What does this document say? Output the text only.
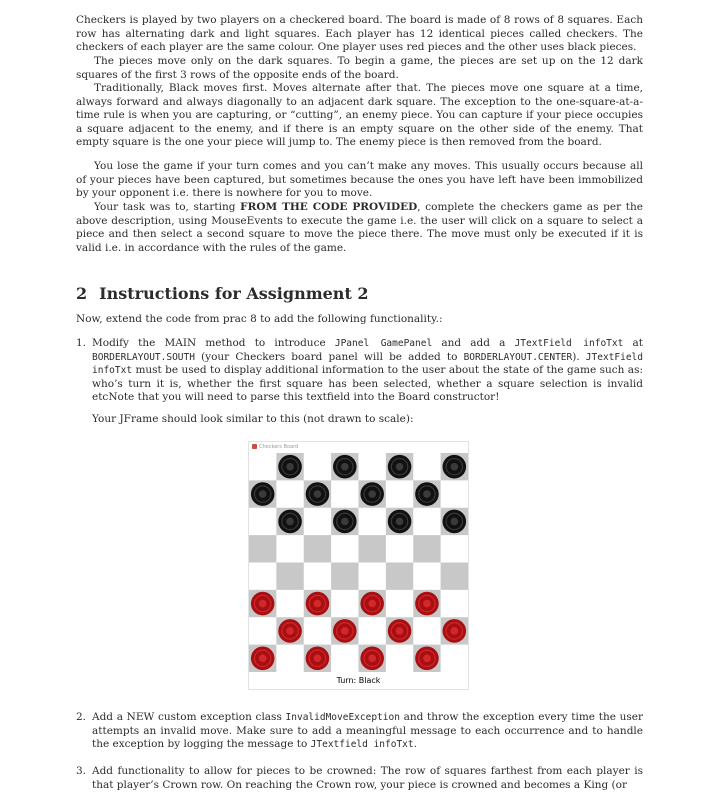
Checkers is played by two players on a checkered board. The board is made of 8 rows of 8 squares. Each row has alternating dark and light squares. Each player has 12 identical pieces called checkers. The checkers of each player are the same colour. One player uses red pieces and the other uses black pieces.

The pieces move only on the dark squares. To begin a game, the pieces are set up on the 12 dark squares of the first 3 rows of the opposite ends of the board.

Traditionally, Black moves first. Moves alternate after that. The pieces move one square at a time, always forward and always diagonally to an adjacent dark square. The exception to the one-square-at-a-time rule is when you are capturing, or “cutting”, an enemy piece. You can capture if your piece occupies a square adjacent to the enemy, and if there is an empty square on the other side of the enemy. That empty square is the one your piece will jump to. The enemy piece is then removed from the board.

You lose the game if your turn comes and you can’t make any moves. This usually occurs because all of your pieces have been captured, but sometimes because the ones you have left have been immobilized by your opponent i.e. there is nowhere for you to move.

Your task was to, starting FROM THE CODE PROVIDED, complete the checkers game as per the above description, using MouseEvents to execute the game i.e. the user will click on a square to select a piece and then select a second square to move the piece there. The move must only be executed if it is valid i.e. in accordance with the rules of the game.

2 Instructions for Assignment 2

Now, extend the code from prac 8 to add the following functionality.:

1. Modify the MAIN method to introduce JPanel GamePanel and add a JTextField infoTxt at BORDERLAYOUT.SOUTH (your Checkers board panel will be added to BORDERLAYOUT.CENTER). JTextField infoTxt must be used to display additional information to the user about the state of the game such as: who’s turn it is, whether the first square has been selected, whether a square selection is invalid etcNote that you will need to parse this textfield into the Board constructor!

Your JFrame should look similar to this (not drawn to scale):

Checkers Board
Turn: Black
2. Add a NEW custom exception class InvalidMoveException and throw the exception every time the user attempts an invalid move. Make sure to add a meaningful message to each occurrence and to handle the exception by logging the message to JTextfield infoTxt.
3. Add functionality to allow for pieces to be crowned: The row of squares farthest from each player is that player’s Crown row. On reaching the Crown row, your piece is crowned and becomes a King (or
